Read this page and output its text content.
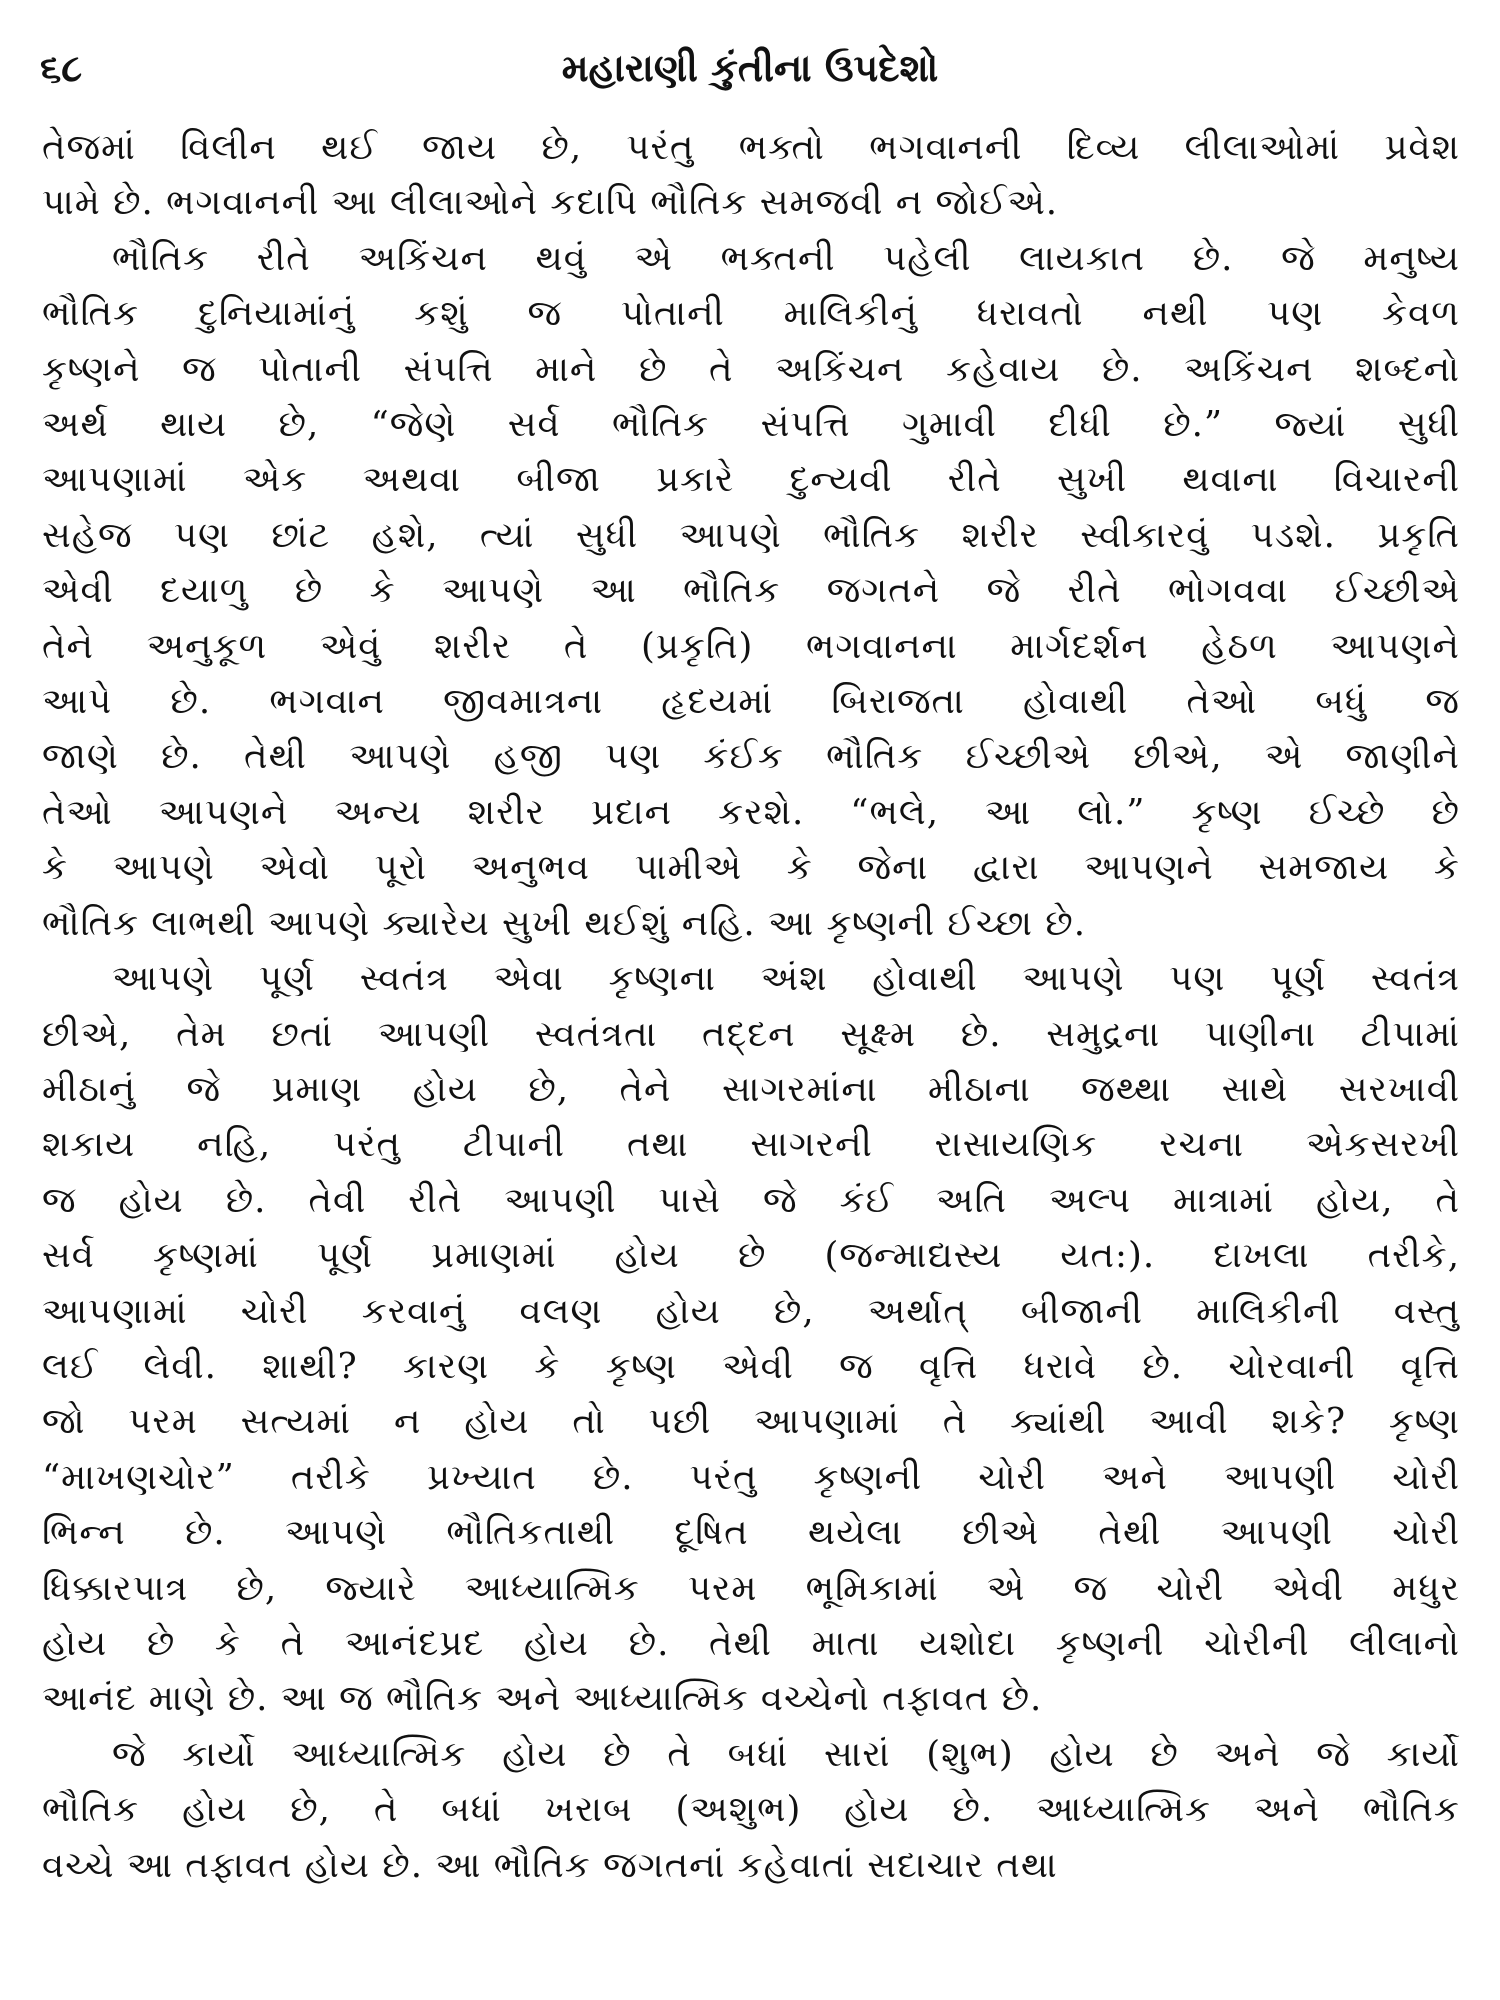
૬૮	મહારાણી કુંતીના ઉપદેશો

તેજમાં વિલીન થઈ જાય છે, પરંતુ ભક્તો ભગવાનની દિવ્ય લીલાઓમાં પ્રવેશ
પામે છે. ભગવાનની આ લીલાઓને કદાપિ ભૌતિક સમજવી ન જોઈએ.

ભૌતિક રીતે અકિંચન થવું એ ભક્તની પહેલી લાયકાત છે. જે મનુષ્ય
ભૌતિક દુનિયામાંનું કશું જ પોતાની માલિકીનું ધરાવતો નથી પણ કેવળ
કૃષ્ણને જ પોતાની સંપત્તિ માને છે તે અકિંચન કહેવાય છે. અકિંચન શબ્દનો
અર્થ થાય છે, “જેણે સર્વ ભૌતિક સંપત્તિ ગુમાવી દીધી છે.” જ્યાં સુધી
આપણામાં એક અથવા બીજા પ્રકારે દુન્યવી રીતે સુખી થવાના વિચારની
સહેજ પણ છાંટ હશે, ત્યાં સુધી આપણે ભૌતિક શરીર સ્વીકારવું પડશે. પ્રકૃતિ
એવી દયાળુ છે કે આપણે આ ભૌતિક જગતને જે રીતે ભોગવવા ઈચ્છીએ
તેને અનુકૂળ એવું શરીર તે (પ્રકૃતિ) ભગવાનના માર્ગદર્શન હેઠળ આપણને
આપે છે. ભગવાન જીવમાત્રના હૃદયમાં બિરાજતા હોવાથી તેઓ બધું જ
જાણે છે. તેથી આપણે હજી પણ કંઈક ભૌતિક ઈચ્છીએ છીએ, એ જાણીને
તેઓ આપણને અન્ય શરીર પ્રદાન કરશે. “ભલે, આ લો.” કૃષ્ણ ઈચ્છે છે
કે આપણે એવો પૂરો અનુભવ પામીએ કે જેના દ્વારા આપણને સમજાય કે
ભૌતિક લાભથી આપણે ક્યારેય સુખી થઈશું નહિ. આ કૃષ્ણની ઈચ્છા છે.

આપણે પૂર્ણ સ્વતંત્ર એવા કૃષ્ણના અંશ હોવાથી આપણે પણ પૂર્ણ સ્વતંત્ર
છીએ, તેમ છતાં આપણી સ્વતંત્રતા તદ્દન સૂક્ષ્મ છે. સમુદ્રના પાણીના ટીપામાં
મીઠાનું જે પ્રમાણ હોય છે, તેને સાગરમાંના મીઠાના જથ્થા સાથે સરખાવી
શકાય નહિ, પરંતુ ટીપાની તથા સાગરની રાસાયણિક રચના એકસરખી
જ હોય છે. તેવી રીતે આપણી પાસે જે કંઈ અતિ અલ્પ માત્રામાં હોય, તે
સર્વ કૃષ્ણમાં પૂર્ણ પ્રમાણમાં હોય છે (જન્માદ્યસ્ય યત:). દાખલા તરીકે,
આપણામાં ચોરી કરવાનું વલણ હોય છે, અર્થાત્ બીજાની માલિકીની વસ્તુ
લઈ લેવી. શાથી? કારણ કે કૃષ્ણ એવી જ વૃત્તિ ધરાવે છે. ચોરવાની વૃત્તિ
જો પરમ સત્યમાં ન હોય તો પછી આપણામાં તે ક્યાંથી આવી શકે? કૃષ્ણ
“માખણચોર” તરીકે પ્રખ્યાત છે. પરંતુ કૃષ્ણની ચોરી અને આપણી ચોરી
ભિન્ન છે. આપણે ભૌતિકતાથી દૂષિત થયેલા છીએ તેથી આપણી ચોરી
ધિક્કારપાત્ર છે, જ્યારે આધ્યાત્મિક પરમ ભૂમિકામાં એ જ ચોરી એવી મધુર
હોય છે કે તે આનંદપ્રદ હોય છે. તેથી માતા યશોદા કૃષ્ણની ચોરીની લીલાનો
આનંદ માણે છે. આ જ ભૌતિક અને આધ્યાત્મિક વચ્ચેનો તફાવત છે.

જે કાર્યો આધ્યાત્મિક હોય છે તે બધાં સારાં (શુભ) હોય છે અને જે કાર્યો
ભૌતિક હોય છે, તે બધાં ખરાબ (અશુભ) હોય છે. આધ્યાત્મિક અને ભૌતિક
વચ્ચે આ તફાવત હોય છે. આ ભૌતિક જગતનાં કહેવાતાં સદાચાર તથા
